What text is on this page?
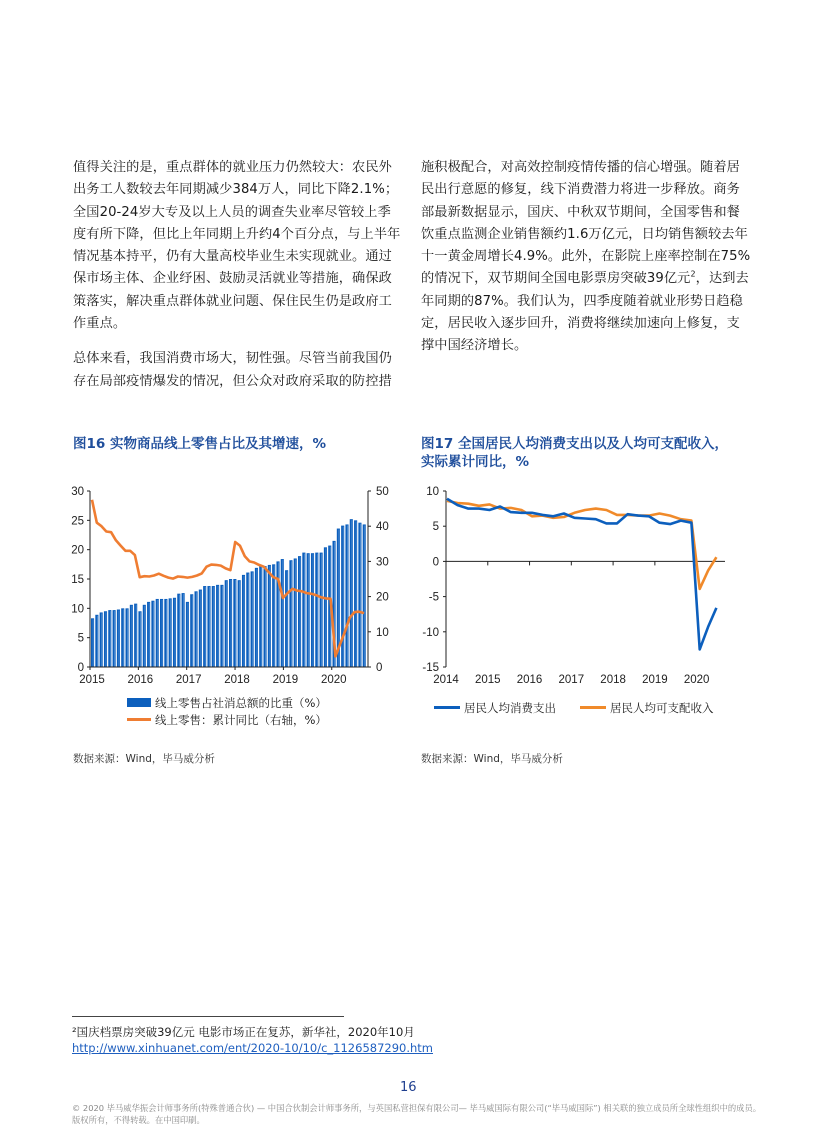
值得关注的是，重点群体的就业压力仍然较大：农民外出务工人数较去年同期减少384万人，同比下降2.1%；全国20-24岁大专及以上人员的调查失业率尽管较上季度有所下降，但比上年同期上升约4个百分点，与上半年情况基本持平，仍有大量高校毕业生未实现就业。通过保市场主体、企业纾困、鼓励灵活就业等措施，确保政策落实，解决重点群体就业问题、保住民生仍是政府工作重点。

总体来看，我国消费市场大，韧性强。尽管当前我国仍存在局部疫情爆发的情况，但公众对政府采取的防控措

施积极配合，对高效控制疫情传播的信心增强。随着居民出行意愿的修复，线下消费潜力将进一步释放。商务部最新数据显示，国庆、中秋双节期间，全国零售和餐饮重点监测企业销售额约1.6万亿元，日均销售额较去年十一黄金周增长4.9%。此外，在影院上座率控制在75%的情况下，双节期间全国电影票房突破39亿元$^2$，达到去年同期的87%。我们认为，四季度随着就业形势日趋稳定，居民收入逐步回升，消费将继续加速向上修复，支撑中国经济增长。

图16 实物商品线上零售占比及其增速，%
0
5
10
15
20
25
30
0
10
20
30
40
50
2015 2016 2017 2018 2019 2020
线上零售占社消总额的比重（%）
线上零售：累计同比（右轴，%）
数据来源：Wind，毕马威分析
图17 全国居民人均消费支出以及人均可支配收入，
实际累计同比，%
-15
-10
-5
0
5
10
2014 2015 2016 2017 2018 2019 2020
居民人均消费支出	居民人均可支配收入
数据来源：Wind，毕马威分析
²国庆档票房突破39亿元 电影市场正在复苏，新华社，2020年10月
http://www.xinhuanet.com/ent/2020-10/10/c_1126587290.htm
16
© 2020 毕马威华振会计师事务所(特殊普通合伙) — 中国合伙制会计师事务所，与英国私营担保有限公司— 毕马威国际有限公司(“毕马威国际”) 相关联的独立成员所全球性组织中的成员。
版权所有，不得转载。在中国印刷。
